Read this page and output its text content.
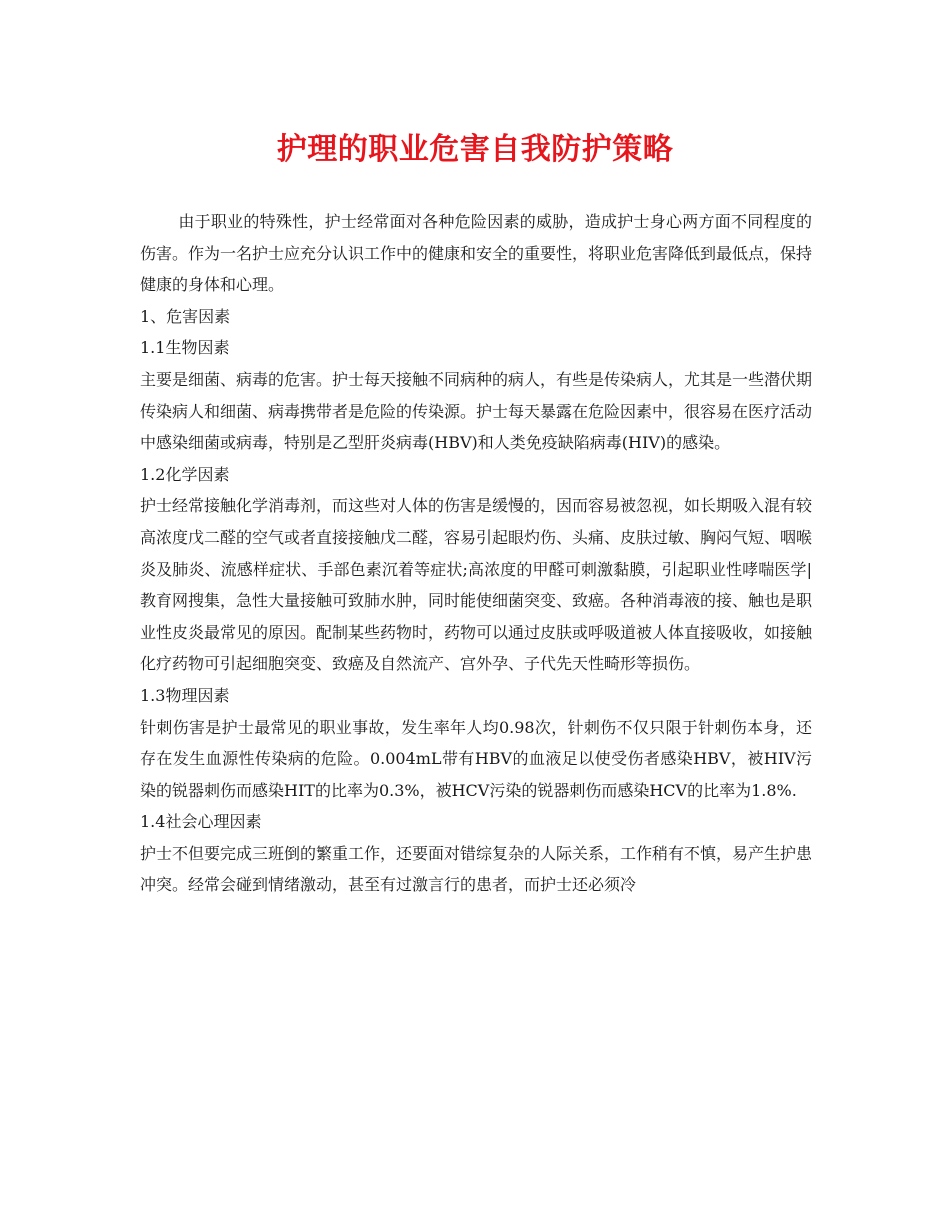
护理的职业危害自我防护策略

由于职业的特殊性，护士经常面对各种危险因素的威胁，造成护士身心两方面不同程度的伤害。作为一名护士应充分认识工作中的健康和安全的重要性，将职业危害降低到最低点，保持健康的身体和心理。

1、危害因素

1.1生物因素

主要是细菌、病毒的危害。护士每天接触不同病种的病人，有些是传染病人，尤其是一些潜伏期传染病人和细菌、病毒携带者是危险的传染源。护士每天暴露在危险因素中，很容易在医疗活动中感染细菌或病毒，特别是乙型肝炎病毒(HBV)和人类免疫缺陷病毒(HIV)的感染。

1.2化学因素

护士经常接触化学消毒剂，而这些对人体的伤害是缓慢的，因而容易被忽视，如长期吸入混有较高浓度戊二醛的空气或者直接接触戊二醛，容易引起眼灼伤、头痛、皮肤过敏、胸闷气短、咽喉炎及肺炎、流感样症状、手部色素沉着等症状;高浓度的甲醛可刺激黏膜，引起职业性哮喘医学|教育网搜集，急性大量接触可致肺水肿，同时能使细菌突变、致癌。各种消毒液的接、触也是职业性皮炎最常见的原因。配制某些药物时，药物可以通过皮肤或呼吸道被人体直接吸收，如接触化疗药物可引起细胞突变、致癌及自然流产、宫外孕、子代先天性畸形等损伤。

1.3物理因素

针刺伤害是护士最常见的职业事故，发生率年人均0.98次，针刺伤不仅只限于针刺伤本身，还存在发生血源性传染病的危险。0.004mL带有HBV的血液足以使受伤者感染HBV，被HIV污染的锐器刺伤而感染HIT的比率为0.3%，被HCV污染的锐器刺伤而感染HCV的比率为1.8%.

1.4社会心理因素

护士不但要完成三班倒的繁重工作，还要面对错综复杂的人际关系，工作稍有不慎，易产生护患冲突。经常会碰到情绪激动，甚至有过激言行的患者，而护士还必须冷
